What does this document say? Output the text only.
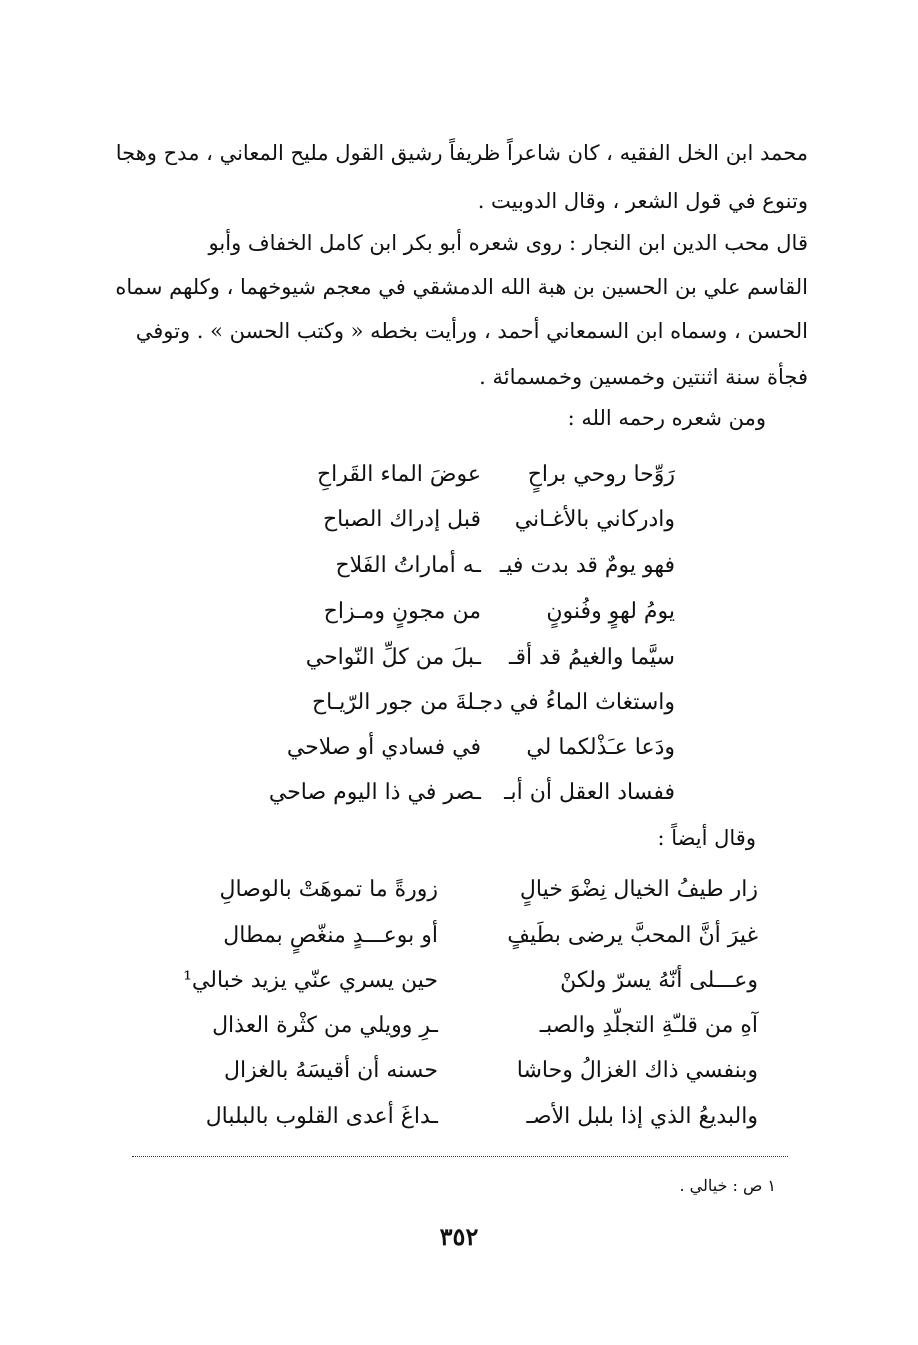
محمد ابن الخل الفقيه ، كان شاعراً ظريفاً رشيق القول مليح المعاني ، مدح وهجا
وتنوع في قول الشعر ، وقال الدوبيت .
قال محب الدين ابن النجار : روى شعره أبو بكر ابن كامل الخفاف وأبو
القاسم علي بن الحسين بن هبة الله الدمشقي في معجم شيوخهما ، وكلهم سماه
الحسن ، وسماه ابن السمعاني أحمد ، ورأيت بخطه « وكتب الحسن » . وتوفي
فجأة سنة اثنتين وخمسين وخمسمائة .
ومن شعره رحمه الله :
رَوِّحا روحي براحٍ
عوضَ الماء القَراحِ
وادركاني بالأغـاني
قبل إدراك الصباح
فهو يومٌ قد بدت فيـ
ـه أماراتُ الفَلاح
يومُ لهوٍ وفُنونٍ
من مجونٍ ومـزاح
سيَّما والغيمُ قد أقـ
ـبلَ من كلِّ النّواحي
واستغاث الماءُ في دجـ
ـلةَ من جور الرّيـاح
ودَعا عـَذْلكما لي
في فسادي أو صلاحي
ففساد العقل أن أبـ
ـصر في ذا اليوم صاحي
وقال أيضاً :
زار طيفُ الخيال نِضْوَ خيالٍ
زورةً ما تموهَتْ بالوصالِ
غيرَ أنَّ المحبَّ يرضى بطَيفٍ
أو بوعـــدٍ منغّصٍ بمطال
وعـــلى أنّهُ يسرّ ولكنْ
حين يسري عنّي يزيد خبالي¹
آهِ من قلـّةِ التجلّدِ والصبـ
ـرِ وويلي من كثْرة العذال
وبنفسي ذاك الغزالُ وحاشا
حسنه أن أقيسَهُ بالغزال
والبديعُ الذي إذا بلبل الأصـ
ـداغَ أعدى القلوب بالبلبال
١ ص : خيالي .
٣٥٢
